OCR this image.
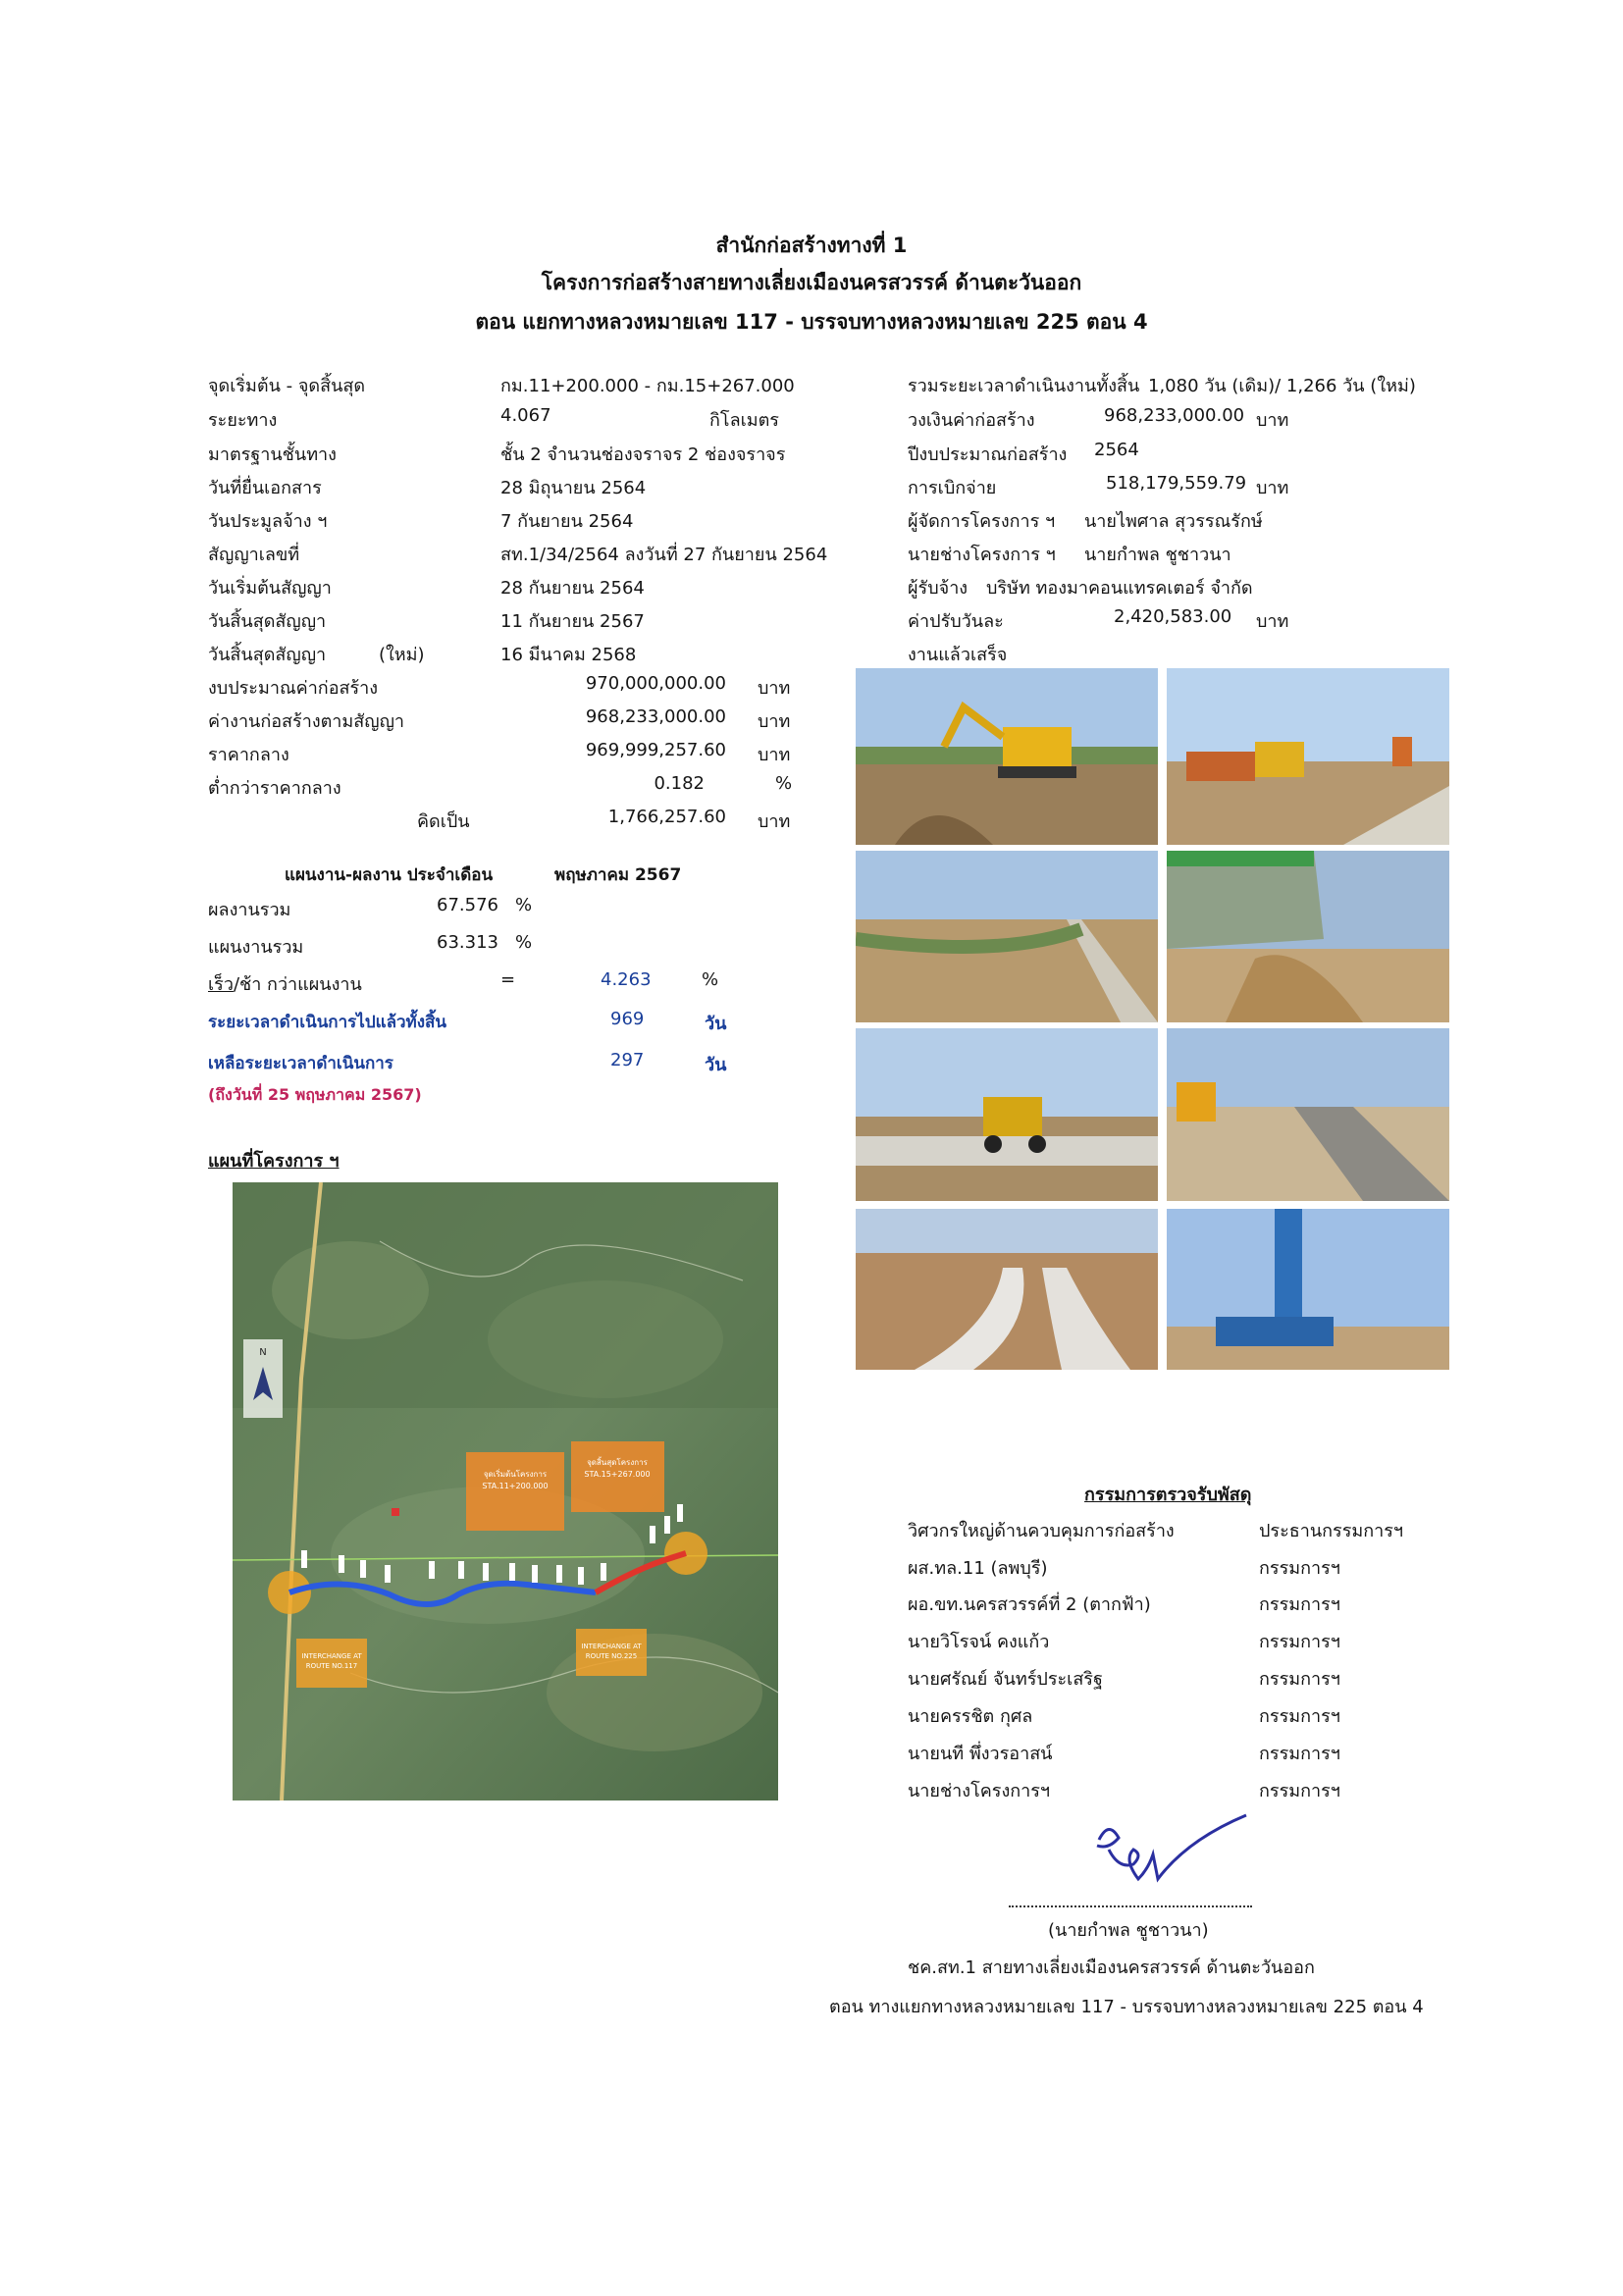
สำนักก่อสร้างทางที่ 1
โครงการก่อสร้างสายทางเลี่ยงเมืองนครสวรรค์ ด้านตะวันออก
ตอน แยกทางหลวงหมายเลข 117 - บรรจบทางหลวงหมายเลข 225 ตอน 4
จุดเริ่มต้น - จุดสิ้นสุด	กม.11+200.000 - กม.15+267.000
ระยะทาง	4.067	กิโลเมตร
มาตรฐานชั้นทาง	ชั้น 2 จำนวนช่องจราจร 2 ช่องจราจร
วันที่ยื่นเอกสาร	28 มิถุนายน 2564
วันประมูลจ้าง ฯ	7 กันยายน 2564
สัญญาเลขที่	สท.1/34/2564 ลงวันที่ 27 กันยายน 2564
วันเริ่มต้นสัญญา	28 กันยายน 2564
วันสิ้นสุดสัญญา	11 กันยายน 2567
วันสิ้นสุดสัญญา	(ใหม่)	16 มีนาคม 2568
งบประมาณค่าก่อสร้าง	970,000,000.00 บาท
ค่างานก่อสร้างตามสัญญา	968,233,000.00 บาท
ราคากลาง	969,999,257.60 บาท
ต่ำกว่าราคากลาง	0.182	%
คิดเป็น	1,766,257.60 บาท
รวมระยะเวลาดำเนินงานทั้งสิ้น 1,080 วัน (เดิม)/ 1,266 วัน (ใหม่)
วงเงินค่าก่อสร้าง	968,233,000.00 บาท
ปีงบประมาณก่อสร้าง 2564
การเบิกจ่าย	518,179,559.79 บาท
ผู้จัดการโครงการ ฯ นายไพศาล สุวรรณรักษ์
นายช่างโครงการ ฯ นายกำพล ชูชาวนา
ผู้รับจ้าง บริษัท ทองมาคอนแทรคเตอร์ จำกัด
ค่าปรับวันละ	2,420,583.00 บาท
งานแล้วเสร็จ
แผนงาน-ผลงาน ประจำเดือน	พฤษภาคม 2567
ผลงานรวม	67.576 %
แผนงานรวม	63.313 %
เร็ว/ช้า กว่าแผนงาน	=	4.263	%
ระยะเวลาดำเนินการไปแล้วทั้งสิ้น	969	วัน
เหลือระยะเวลาดำเนินการ	297	วัน
(ถึงวันที่ 25 พฤษภาคม 2567)
แผนที่โครงการ ฯ
N
จุดเริ่มต้นโครงการ STA.11+200.000
จุดสิ้นสุดโครงการ STA.15+267.000
INTERCHANGE AT ROUTE NO.117
INTERCHANGE AT ROUTE NO.225
กรรมการตรวจรับพัสดุ
วิศวกรใหญ่ด้านควบคุมการก่อสร้าง	ประธานกรรมการฯ
ผส.ทล.11 (ลพบุรี)	กรรมการฯ
ผอ.ขท.นครสวรรค์ที่ 2 (ตากฟ้า)	กรรมการฯ
นายวิโรจน์ คงแก้ว	กรรมการฯ
นายศรัณย์ จันทร์ประเสริฐ	กรรมการฯ
นายครรชิต กุศล	กรรมการฯ
นายนที พึ่งวรอาสน์	กรรมการฯ
นายช่างโครงการฯ	กรรมการฯ
(นายกำพล ชูชาวนา)
ชค.สท.1 สายทางเลี่ยงเมืองนครสวรรค์ ด้านตะวันออก
ตอน ทางแยกทางหลวงหมายเลข 117 - บรรจบทางหลวงหมายเลข 225 ตอน 4
